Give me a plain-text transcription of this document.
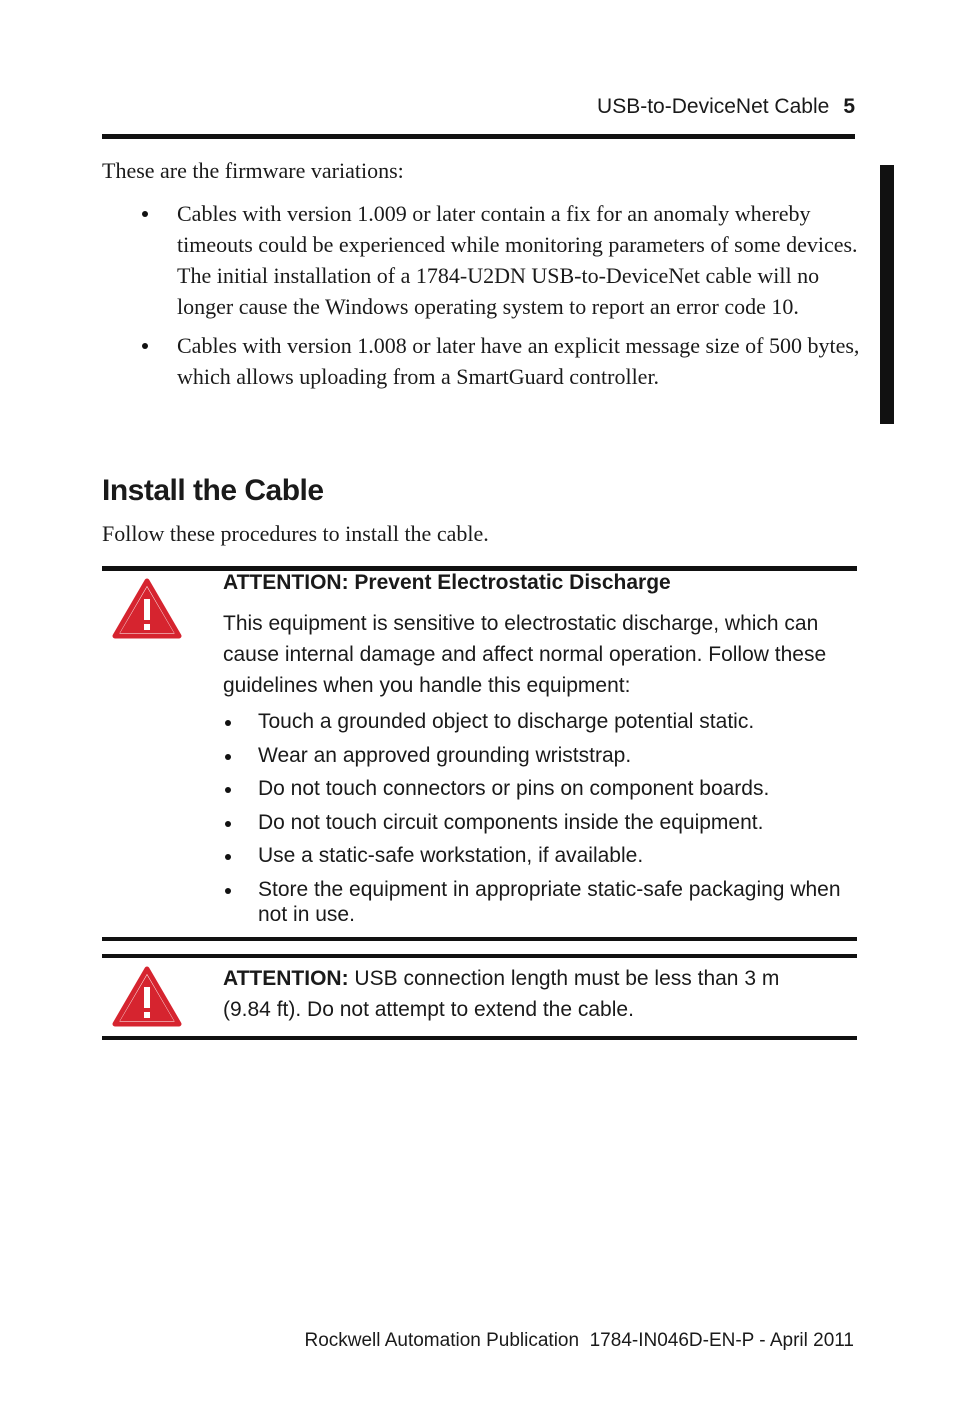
USB-to-DeviceNet Cable 5

These are the firmware variations:

Cables with version 1.009 or later contain a fix for an anomaly whereby timeouts could be experienced while monitoring parameters of some devices. The initial installation of a 1784-U2DN USB-to-DeviceNet cable will no longer cause the Windows operating system to report an error code 10.
Cables with version 1.008 or later have an explicit message size of 500 bytes, which allows uploading from a SmartGuard controller.
Install the Cable

Follow these procedures to install the cable.

ATTENTION: Prevent Electrostatic Discharge

This equipment is sensitive to electrostatic discharge, which can cause internal damage and affect normal operation. Follow these guidelines when you handle this equipment:

Touch a grounded object to discharge potential static.
Wear an approved grounding wriststrap.
Do not touch connectors or pins on component boards.
Do not touch circuit components inside the equipment.
Use a static-safe workstation, if available.
Store the equipment in appropriate static-safe packaging when not in use.

ATTENTION: USB connection length must be less than 3 m (9.84 ft). Do not attempt to extend the cable.

Rockwell Automation Publication  1784-IN046D-EN-P - April 2011
